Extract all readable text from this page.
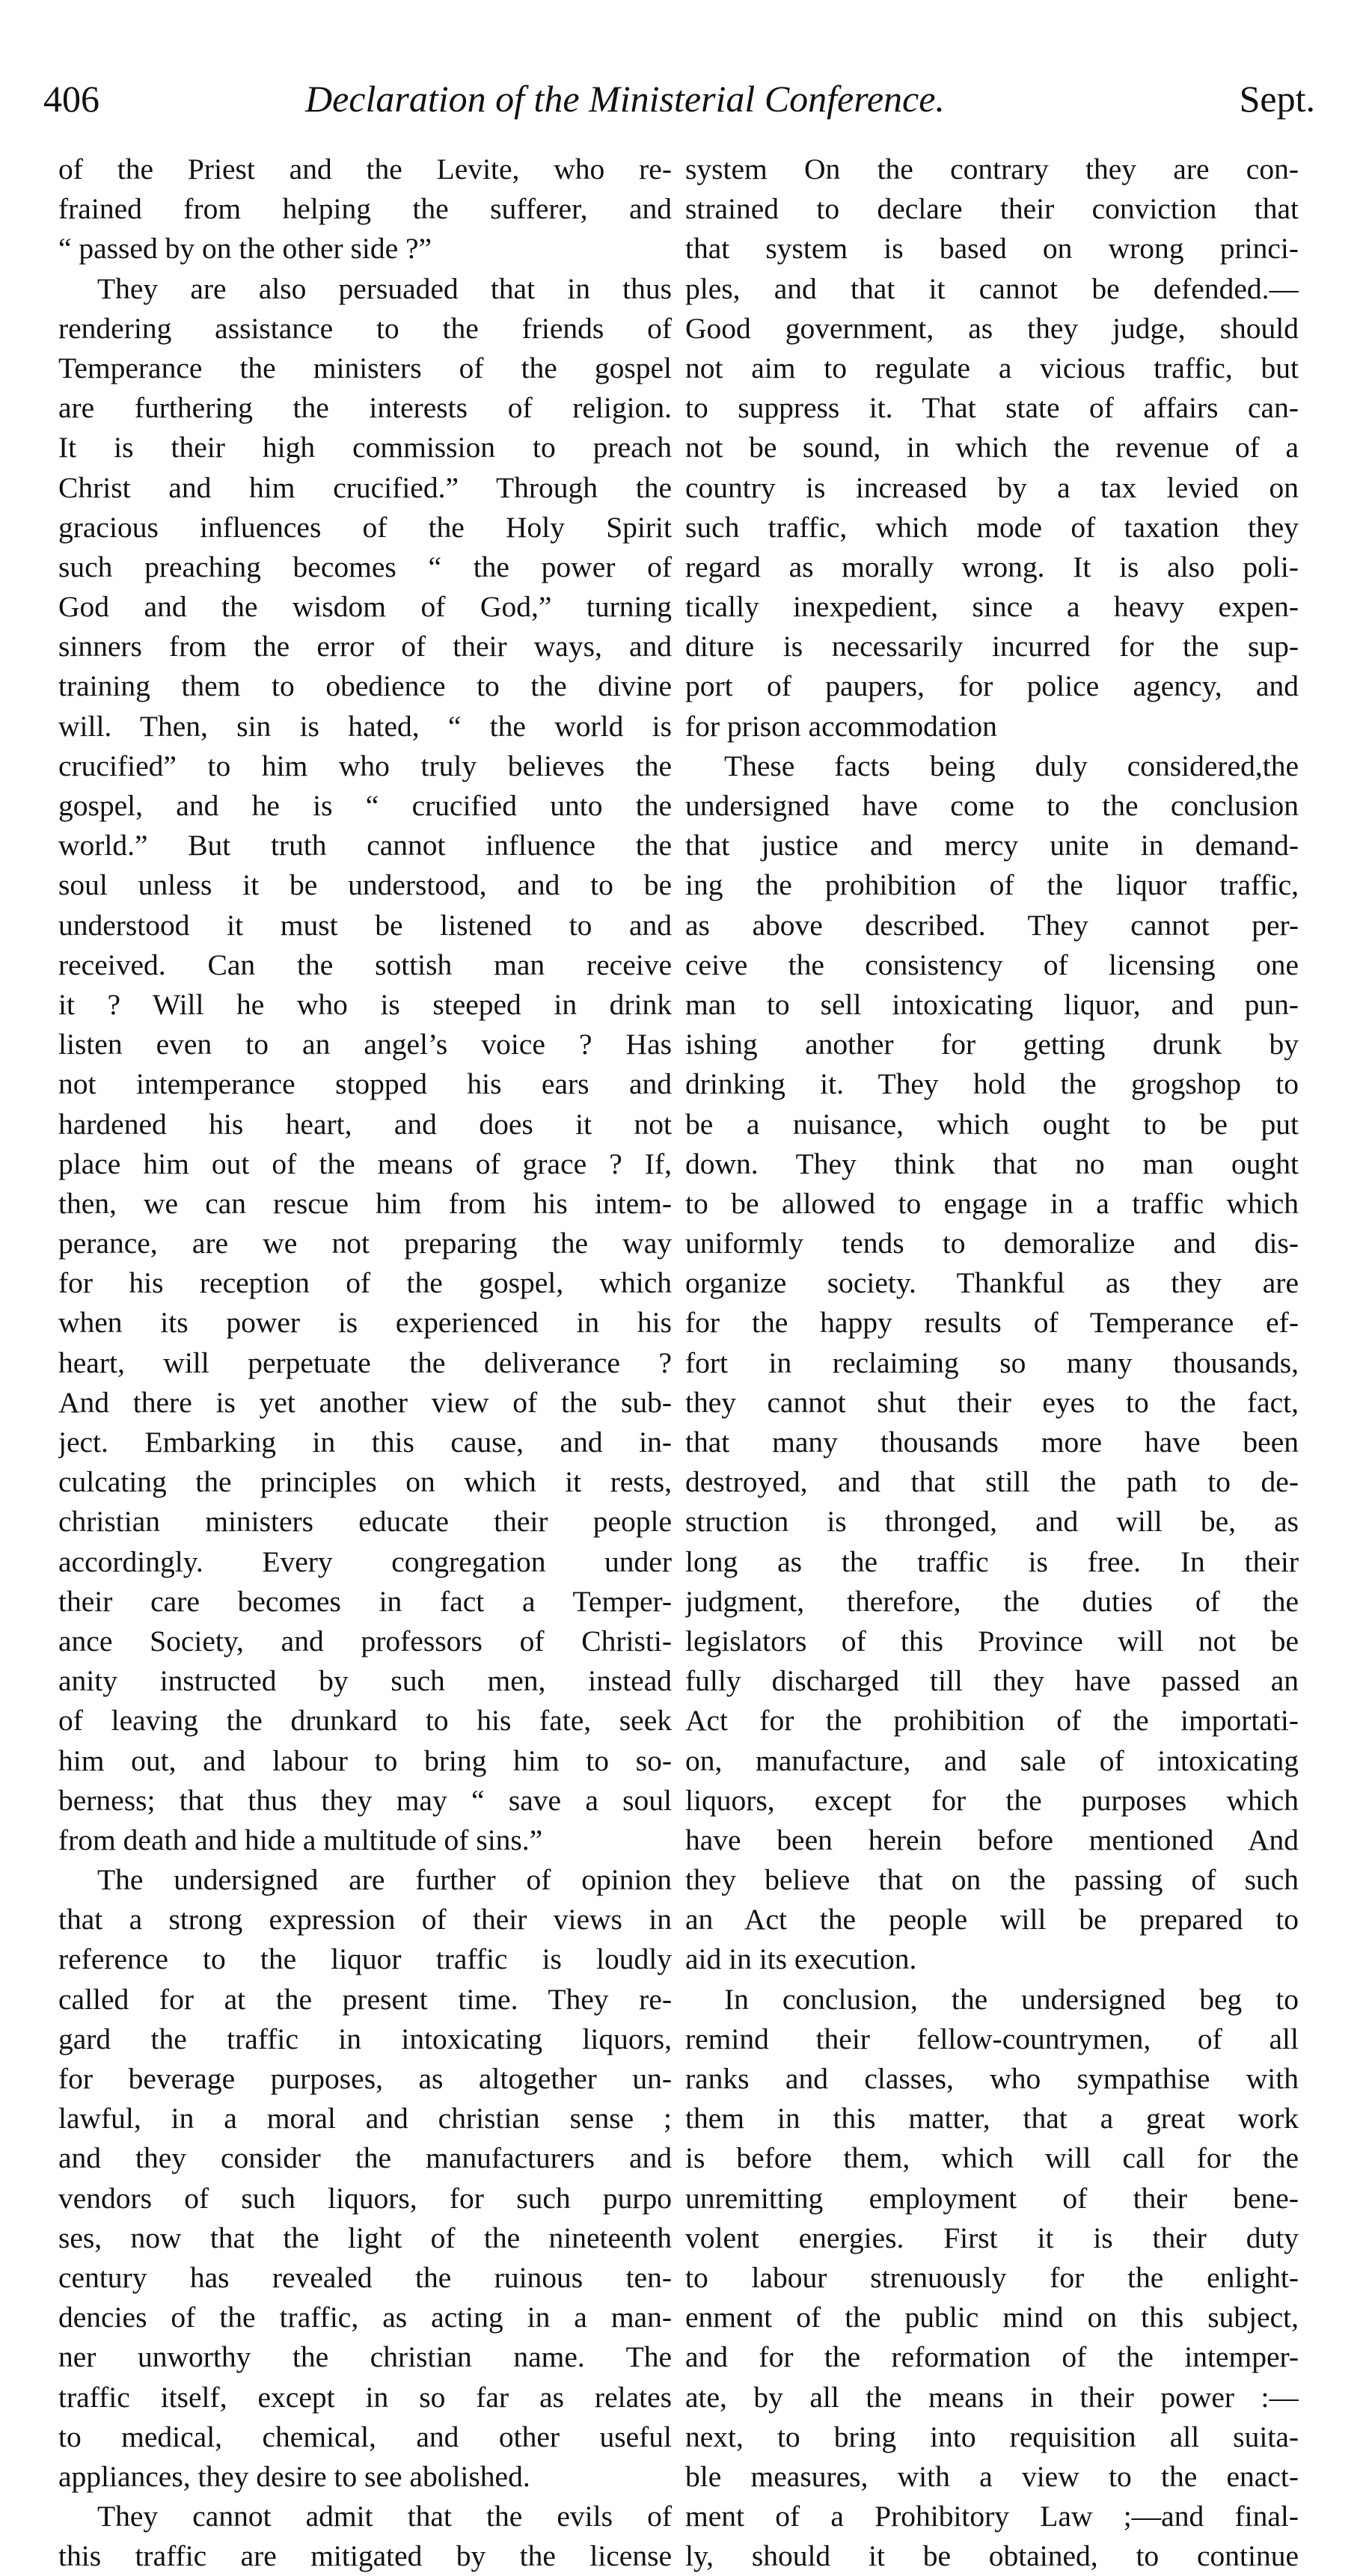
406	Declaration of the Ministerial Conference.	Sept.
of the Priest and the Levite, who re-
frained from helping the sufferer, and
“ passed by on the other side ?”
They are also persuaded that in thus
rendering assistance to the friends of
Temperance the ministers of the gospel
are furthering the interests of religion.
It is their high commission to preach
Christ and him crucified.” Through the
gracious influences of the Holy Spirit
such preaching becomes “ the power of
God and the wisdom of God,” turning
sinners from the error of their ways, and
training them to obedience to the divine
will. Then, sin is hated, “ the world is
crucified” to him who truly believes the
gospel, and he is “ crucified unto the
world.” But truth cannot influence the
soul unless it be understood, and to be
understood it must be listened to and
received. Can the sottish man receive
it ? Will he who is steeped in drink
listen even to an angel’s voice ? Has
not intemperance stopped his ears and
hardened his heart, and does it not
place him out of the means of grace ? If,
then, we can rescue him from his intem-
perance, are we not preparing the way
for his reception of the gospel, which
when its power is experienced in his
heart, will perpetuate the deliverance ?
And there is yet another view of the sub-
ject. Embarking in this cause, and in-
culcating the principles on which it rests,
christian ministers educate their people
accordingly. Every congregation under
their care becomes in fact a Temper-
ance Society, and professors of Christi-
anity instructed by such men, instead
of leaving the drunkard to his fate, seek
him out, and labour to bring him to so-
berness; that thus they may “ save a soul
from death and hide a multitude of sins.”
The undersigned are further of opinion
that a strong expression of their views in
reference to the liquor traffic is loudly
called for at the present time. They re-
gard the traffic in intoxicating liquors,
for beverage purposes, as altogether un-
lawful, in a moral and christian sense ;
and they consider the manufacturers and
vendors of such liquors, for such purpo
ses, now that the light of the nineteenth
century has revealed the ruinous ten-
dencies of the traffic, as acting in a man-
ner unworthy the christian name. The
traffic itself, except in so far as relates
to medical, chemical, and other useful
appliances, they desire to see abolished.
They cannot admit that the evils of
this traffic are mitigated by the license
system On the contrary they are con-
strained to declare their conviction that
that system is based on wrong princi-
ples, and that it cannot be defended.—
Good government, as they judge, should
not aim to regulate a vicious traffic, but
to suppress it. That state of affairs can-
not be sound, in which the revenue of a
country is increased by a tax levied on
such traffic, which mode of taxation they
regard as morally wrong. It is also poli-
tically inexpedient, since a heavy expen-
diture is necessarily incurred for the sup-
port of paupers, for police agency, and
for prison accommodation
These facts being duly considered,the
undersigned have come to the conclusion
that justice and mercy unite in demand-
ing the prohibition of the liquor traffic,
as above described. They cannot per-
ceive the consistency of licensing one
man to sell intoxicating liquor, and pun-
ishing another for getting drunk by
drinking it. They hold the grogshop to
be a nuisance, which ought to be put
down. They think that no man ought
to be allowed to engage in a traffic which
uniformly tends to demoralize and dis-
organize society. Thankful as they are
for the happy results of Temperance ef-
fort in reclaiming so many thousands,
they cannot shut their eyes to the fact,
that many thousands more have been
destroyed, and that still the path to de-
struction is thronged, and will be, as
long as the traffic is free. In their
judgment, therefore, the duties of the
legislators of this Province will not be
fully discharged till they have passed an
Act for the prohibition of the importati-
on, manufacture, and sale of intoxicating
liquors, except for the purposes which
have been herein before mentioned And
they believe that on the passing of such
an Act the people will be prepared to
aid in its execution.
In conclusion, the undersigned beg to
remind their fellow-countrymen, of all
ranks and classes, who sympathise with
them in this matter, that a great work
is before them, which will call for the
unremitting employment of their bene-
volent energies. First it is their duty
to labour strenuously for the enlight-
enment of the public mind on this subject,
and for the reformation of the intemper-
ate, by all the means in their power :—
next, to bring into requisition all suita-
ble measures, with a view to the enact-
ment of a Prohibitory Law ;—and final-
ly, should it be obtained, to continue
